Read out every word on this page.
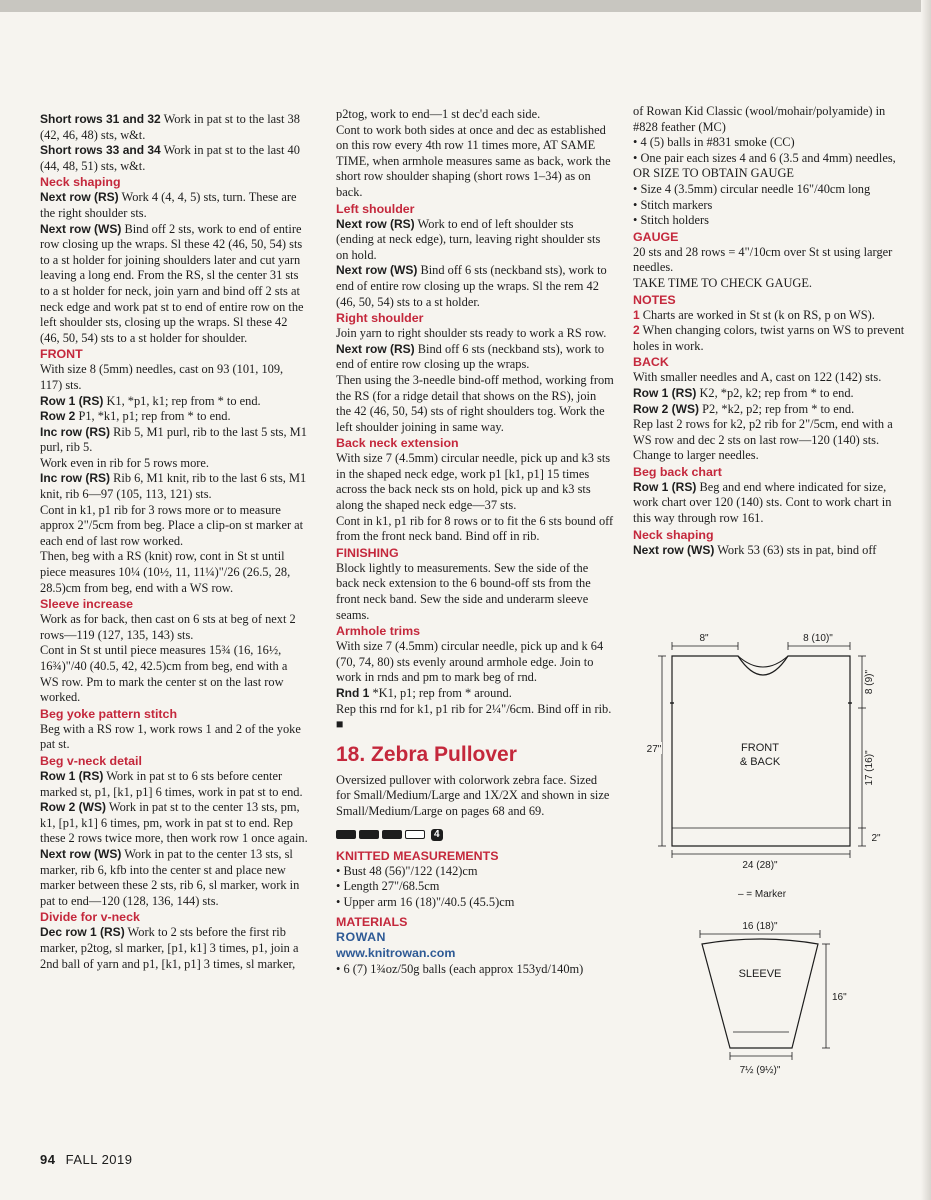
Short rows 31 and 32 Work in pat st to the last 38 (42, 46, 48) sts, w&t.

Short rows 33 and 34 Work in pat st to the last 40 (44, 48, 51) sts, w&t.

Neck shaping

Next row (RS) Work 4 (4, 4, 5) sts, turn. These are the right shoulder sts.

Next row (WS) Bind off 2 sts, work to end of entire row closing up the wraps. Sl these 42 (46, 50, 54) sts to a st holder for joining shoulders later and cut yarn leaving a long end. From the RS, sl the center 31 sts to a st holder for neck, join yarn and bind off 2 sts at neck edge and work pat st to end of entire row on the left shoulder sts, closing up the wraps. Sl these 42 (46, 50, 54) sts to a st holder for shoulder.

FRONT

With size 8 (5mm) needles, cast on 93 (101, 109, 117) sts.

Row 1 (RS) K1, *p1, k1; rep from * to end.

Row 2 P1, *k1, p1; rep from * to end.

Inc row (RS) Rib 5, M1 purl, rib to the last 5 sts, M1 purl, rib 5.

Work even in rib for 5 rows more.

Inc row (RS) Rib 6, M1 knit, rib to the last 6 sts, M1 knit, rib 6—97 (105, 113, 121) sts.

Cont in k1, p1 rib for 3 rows more or to measure approx 2"/5cm from beg. Place a clip-on st marker at each end of last row worked.

Then, beg with a RS (knit) row, cont in St st until piece measures 10¼ (10½, 11, 11¼)"/26 (26.5, 28, 28.5)cm from beg, end with a WS row.

Sleeve increase

Work as for back, then cast on 6 sts at beg of next 2 rows—119 (127, 135, 143) sts.

Cont in St st until piece measures 15¾ (16, 16½, 16¾)"/40 (40.5, 42, 42.5)cm from beg, end with a WS row. Pm to mark the center st on the last row worked.

Beg yoke pattern stitch

Beg with a RS row 1, work rows 1 and 2 of the yoke pat st.

Beg v-neck detail

Row 1 (RS) Work in pat st to 6 sts before center marked st, p1, [k1, p1] 6 times, work in pat st to end.

Row 2 (WS) Work in pat st to the center 13 sts, pm, k1, [p1, k1] 6 times, pm, work in pat st to end. Rep these 2 rows twice more, then work row 1 once again.

Next row (WS) Work in pat to the center 13 sts, sl marker, rib 6, kfb into the center st and place new marker between these 2 sts, rib 6, sl marker, work in pat to end—120 (128, 136, 144) sts.

Divide for v-neck

Dec row 1 (RS) Work to 2 sts before the first rib marker, p2tog, sl marker, [p1, k1] 3 times, p1, join a 2nd ball of yarn and p1, [k1, p1] 3 times, sl marker,

p2tog, work to end—1 st dec'd each side.

Cont to work both sides at once and dec as established on this row every 4th row 11 times more, AT SAME TIME, when armhole measures same as back, work the short row shoulder shaping (short rows 1–34) as on back.

Left shoulder

Next row (RS) Work to end of left shoulder sts (ending at neck edge), turn, leaving right shoulder sts on hold.

Next row (WS) Bind off 6 sts (neckband sts), work to end of entire row closing up the wraps. Sl the rem 42 (46, 50, 54) sts to a st holder.

Right shoulder

Join yarn to right shoulder sts ready to work a RS row.

Next row (RS) Bind off 6 sts (neckband sts), work to end of entire row closing up the wraps.

Then using the 3-needle bind-off method, working from the RS (for a ridge detail that shows on the RS), join the 42 (46, 50, 54) sts of right shoulders tog. Work the left shoulder joining in same way.

Back neck extension

With size 7 (4.5mm) circular needle, pick up and k3 sts in the shaped neck edge, work p1 [k1, p1] 15 times across the back neck sts on hold, pick up and k3 sts along the shaped neck edge—37 sts.

Cont in k1, p1 rib for 8 rows or to fit the 6 sts bound off from the front neck band. Bind off in rib.

FINISHING

Block lightly to measurements. Sew the side of the back neck extension to the 6 bound-off sts from the front neck band. Sew the side and underarm sleeve seams.

Armhole trims

With size 7 (4.5mm) circular needle, pick up and k 64 (70, 74, 80) sts evenly around armhole edge. Join to work in rnds and pm to mark beg of rnd.

Rnd 1 *K1, p1; rep from * around.

Rep this rnd for k1, p1 rib for 2¼"/6cm. Bind off in rib. ■

18. Zebra Pullover

Oversized pullover with colorwork zebra face. Sized for Small/Medium/Large and 1X/2X and shown in size Small/Medium/Large on pages 68 and 69.

4

KNITTED MEASUREMENTS

• Bust 48 (56)"/122 (142)cm
• Length 27"/68.5cm
• Upper arm 16 (18)"/40.5 (45.5)cm

MATERIALS

ROWAN
www.knitrowan.com
• 6 (7) 1¾oz/50g balls (each approx 153yd/140m)

of Rowan Kid Classic (wool/mohair/polyamide) in #828 feather (MC)

• 4 (5) balls in #831 smoke (CC)
• One pair each sizes 4 and 6 (3.5 and 4mm) needles, OR SIZE TO OBTAIN GAUGE
• Size 4 (3.5mm) circular needle 16"/40cm long
• Stitch markers
• Stitch holders

GAUGE

20 sts and 28 rows = 4"/10cm over St st using larger needles.

TAKE TIME TO CHECK GAUGE.

NOTES

1 Charts are worked in St st (k on RS, p on WS).

2 When changing colors, twist yarns on WS to prevent holes in work.

BACK

With smaller needles and A, cast on 122 (142) sts.

Row 1 (RS) K2, *p2, k2; rep from * to end.

Row 2 (WS) P2, *k2, p2; rep from * to end.

Rep last 2 rows for k2, p2 rib for 2"/5cm, end with a WS row and dec 2 sts on last row—120 (140) sts. Change to larger needles.

Beg back chart

Row 1 (RS) Beg and end where indicated for size, work chart over 120 (140) sts. Cont to work chart in this way through row 161.

Neck shaping

Next row (WS) Work 53 (63) sts in pat, bind off

8"	8 (10)"
FRONT
& BACK
27"
8 (9)"
17 (16)"
2"
24 (28)"
– = Marker
16 (18)"
SLEEVE
16"
7½ (9½)"
94 FALL 2019
